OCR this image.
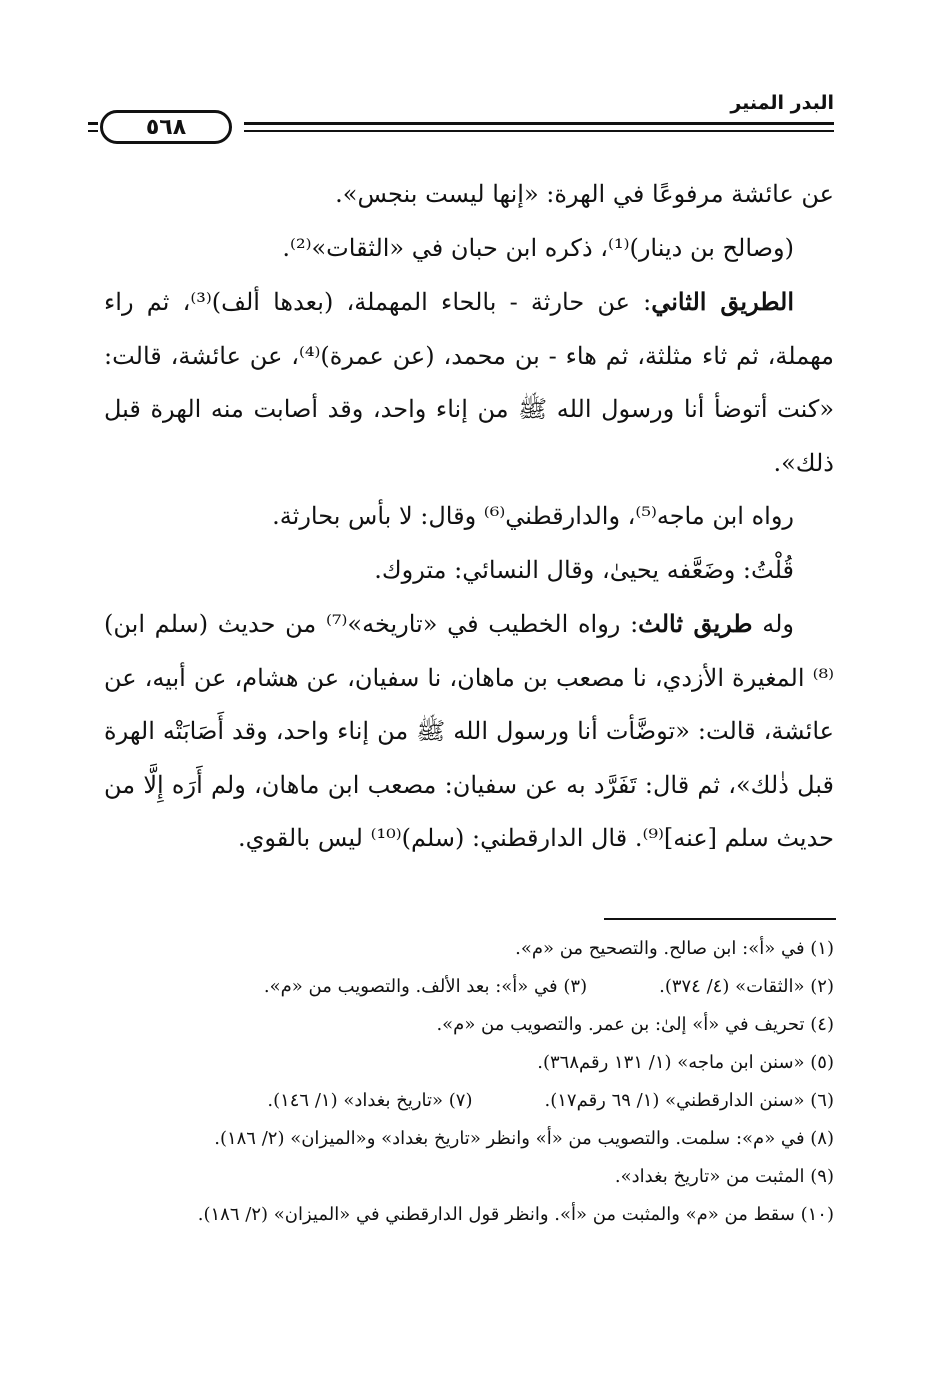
البدر المنير
٥٦٨

عن عائشة مرفوعًا في الهرة: «إنها ليست بنجس».

(وصالح بن دينار)⁽¹⁾، ذكره ابن حبان في «الثقات»⁽²⁾.

الطريق الثاني: عن حارثة - بالحاء المهملة، (بعدها ألف)⁽³⁾، ثم راء مهملة، ثم ثاء مثلثة، ثم هاء - بن محمد، (عن عمرة)⁽⁴⁾، عن عائشة، قالت: «كنت أتوضأ أنا ورسول الله ﷺ من إناء واحد، وقد أصابت منه الهرة قبل ذلك».

رواه ابن ماجه⁽⁵⁾، والدارقطني⁽⁶⁾ وقال: لا بأس بحارثة.

قُلْتُ: وضَعَّفه يحيىٰ، وقال النسائي: متروك.

وله طريق ثالث: رواه الخطيب في «تاريخه»⁽⁷⁾ من حديث (سلم ابن)⁽⁸⁾ المغيرة الأزدي، نا مصعب بن ماهان، نا سفيان، عن هشام، عن أبيه، عن عائشة، قالت: «توضَّأت أنا ورسول الله ﷺ من إناء واحد، وقد أَصَابَتْه الهرة قبل ذٰلك»، ثم قال: تَفَرَّد به عن سفيان: مصعب ابن ماهان، ولم أَرَه إِلَّا من حديث سلم [عنه]⁽⁹⁾. قال الدارقطني: (سلم)⁽¹⁰⁾ ليس بالقوي.

(١) في «أ»: ابن صالح. والتصحيح من «م».

(٢) «الثقات» (٤/ ٣٧٤).
(٣) في «أ»: بعد الألف. والتصويب من «م».

(٤) تحريف في «أ» إلىٰ: بن عمر. والتصويب من «م».

(٥) «سنن ابن ماجه» (١/ ١٣١ رقم٣٦٨).

(٦) «سنن الدارقطني» (١/ ٦٩ رقم١٧).
(٧) «تاريخ بغداد» (١/ ١٤٦).

(٨) في «م»: سلمت. والتصويب من «أ» وانظر «تاريخ بغداد» و«الميزان» (٢/ ١٨٦).

(٩) المثبت من «تاريخ بغداد».

(١٠) سقط من «م» والمثبت من «أ». وانظر قول الدارقطني في «الميزان» (٢/ ١٨٦).
